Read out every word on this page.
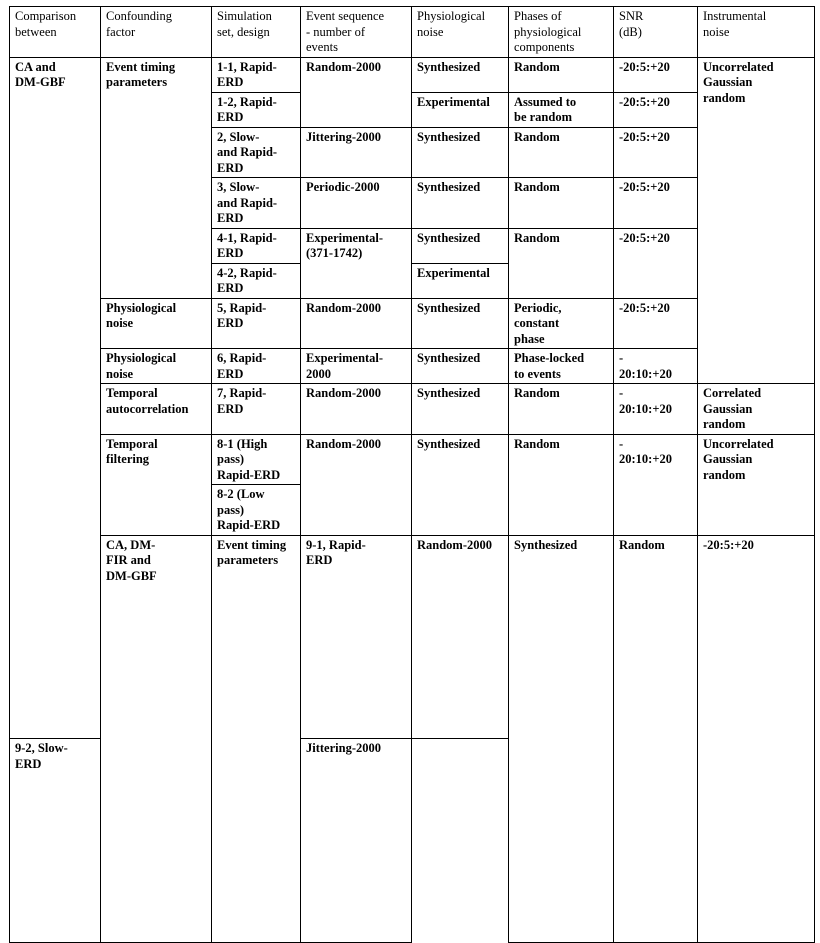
Comparison
between	Confounding
factor	Simulation
set, design	Event sequence
- number of
events	Physiological
noise	Phases of
physiological
components	SNR
(dB)	Instrumental
noise	
CA and
DM-GBF	Event timing
parameters	1-1, Rapid-
ERD	Random-2000	Synthesized	Random	-20:5:+20	Uncorrelated
Gaussian
random	
		1-2, Rapid-
ERD		Experimental	Assumed to
be random	-20:5:+20		
		2, Slow-
and Rapid-
ERD	Jittering-2000	Synthesized	Random	-20:5:+20		
		3, Slow-
and Rapid-
ERD	Periodic-2000	Synthesized	Random	-20:5:+20		
		4-1, Rapid-
ERD	Experimental-
(371-1742)	Synthesized	Random	-20:5:+20		
		4-2, Rapid-
ERD		Experimental				
	Physiological
noise	5, Rapid-
ERD	Random-2000	Synthesized	Periodic,
constant
phase	-20:5:+20		
	Physiological
noise	6, Rapid-
ERD	Experimental-
2000	Synthesized	Phase-locked
to events	-
20:10:+20		
	Temporal
autocorrelation	7, Rapid-
ERD	Random-2000	Synthesized	Random	-
20:10:+20	Correlated
Gaussian
random	
	Temporal
filtering	8-1 (High
pass)
Rapid-ERD	Random-2000	Synthesized	Random	-
20:10:+20	Uncorrelated
Gaussian
random	
		8-2 (Low
pass)
Rapid-ERD						
	CA, DM-
FIR and
DM-GBF	Event timing
parameters	9-1, Rapid-
ERD	Random-2000	Synthesized	Random	-20:5:+20	
9-2, Slow-
ERD			Jittering-2000					
